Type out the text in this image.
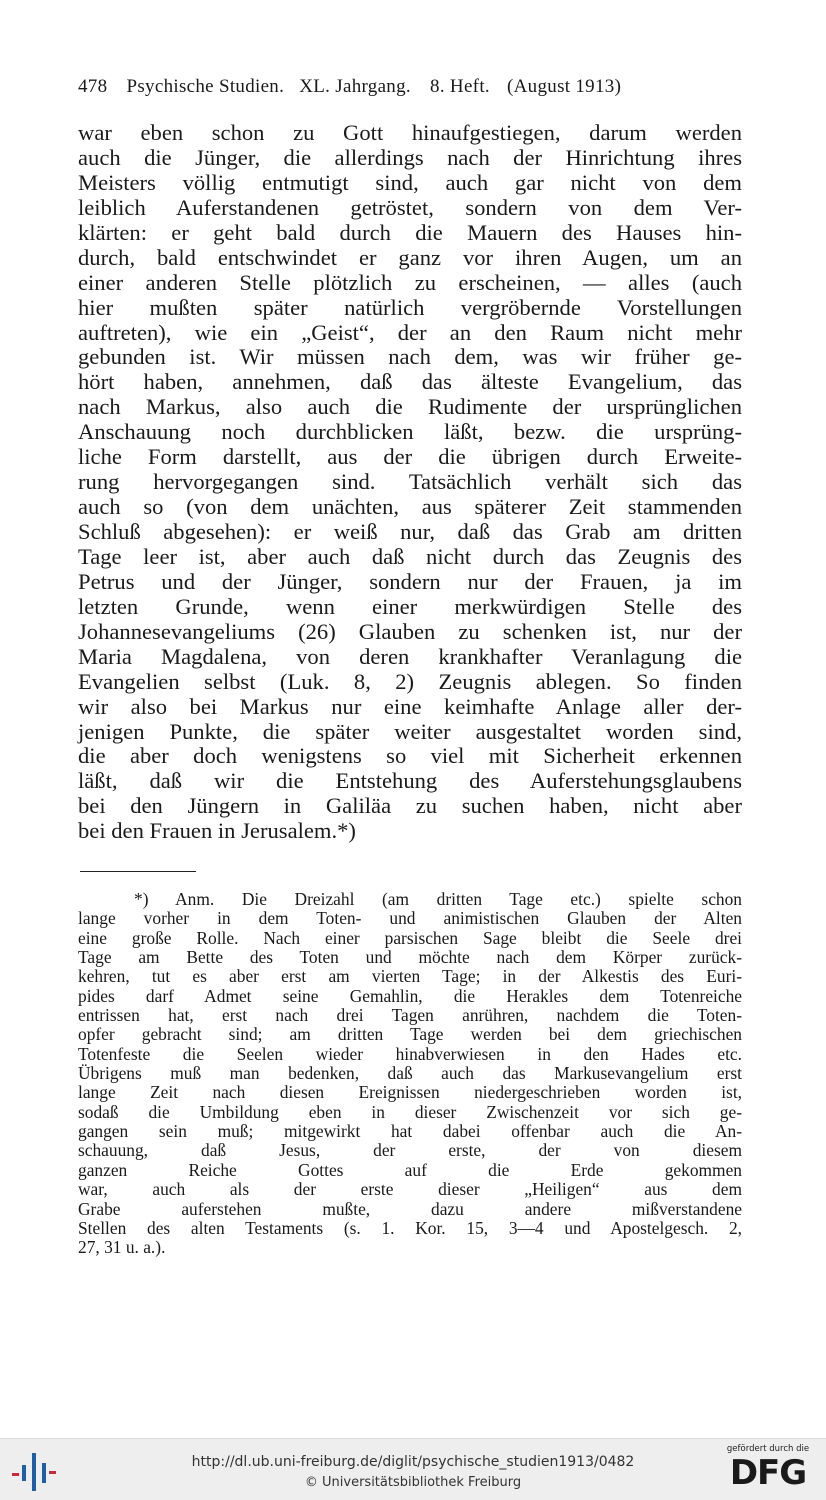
478 Psychische Studien. XL. Jahrgang. 8. Heft. (August 1913)
war eben schon zu Gott hinaufgestiegen, darum werden
auch die Jünger, die allerdings nach der Hinrichtung ihres
Meisters völlig entmutigt sind, auch gar nicht von dem
leiblich Auferstandenen getröstet, sondern von dem Ver-
klärten: er geht bald durch die Mauern des Hauses hin-
durch, bald entschwindet er ganz vor ihren Augen, um an
einer anderen Stelle plötzlich zu erscheinen, — alles (auch
hier mußten später natürlich vergröbernde Vorstellungen
auftreten), wie ein „Geist“, der an den Raum nicht mehr
gebunden ist. Wir müssen nach dem, was wir früher ge-
hört haben, annehmen, daß das älteste Evangelium, das
nach Markus, also auch die Rudimente der ursprünglichen
Anschauung noch durchblicken läßt, bezw. die ursprüng-
liche Form darstellt, aus der die übrigen durch Erweite-
rung hervorgegangen sind. Tatsächlich verhält sich das
auch so (von dem unächten, aus späterer Zeit stammenden
Schluß abgesehen): er weiß nur, daß das Grab am dritten
Tage leer ist, aber auch daß nicht durch das Zeugnis des
Petrus und der Jünger, sondern nur der Frauen, ja im
letzten Grunde, wenn einer merkwürdigen Stelle des
Johannesevangeliums (26) Glauben zu schenken ist, nur der
Maria Magdalena, von deren krankhafter Veranlagung die
Evangelien selbst (Luk. 8, 2) Zeugnis ablegen. So finden
wir also bei Markus nur eine keimhafte Anlage aller der-
jenigen Punkte, die später weiter ausgestaltet worden sind,
die aber doch wenigstens so viel mit Sicherheit erkennen
läßt, daß wir die Entstehung des Auferstehungsglaubens
bei den Jüngern in Galiläa zu suchen haben, nicht aber
bei den Frauen in Jerusalem.*)
*) Anm. Die Dreizahl (am dritten Tage etc.) spielte schon
lange vorher in dem Toten- und animistischen Glauben der Alten
eine große Rolle. Nach einer parsischen Sage bleibt die Seele drei
Tage am Bette des Toten und möchte nach dem Körper zurück-
kehren, tut es aber erst am vierten Tage; in der Alkestis des Euri-
pides darf Admet seine Gemahlin, die Herakles dem Totenreiche
entrissen hat, erst nach drei Tagen anrühren, nachdem die Toten-
opfer gebracht sind; am dritten Tage werden bei dem griechischen
Totenfeste die Seelen wieder hinabverwiesen in den Hades etc.
Übrigens muß man bedenken, daß auch das Markusevangelium erst
lange Zeit nach diesen Ereignissen niedergeschrieben worden ist,
sodaß die Umbildung eben in dieser Zwischenzeit vor sich ge-
gangen sein muß; mitgewirkt hat dabei offenbar auch die An-
schauung, daß Jesus, der erste, der von diesem
ganzen Reiche Gottes auf die Erde gekommen
war, auch als der erste dieser „Heiligen“ aus dem
Grabe auferstehen mußte, dazu andere mißverstandene
Stellen des alten Testaments (s. 1. Kor. 15, 3—4 und Apostelgesch. 2,
27, 31 u. a.).
http://dl.ub.uni-freiburg.de/diglit/psychische_studien1913/0482
© Universitätsbibliothek Freiburg
gefördert durch die
DFG
